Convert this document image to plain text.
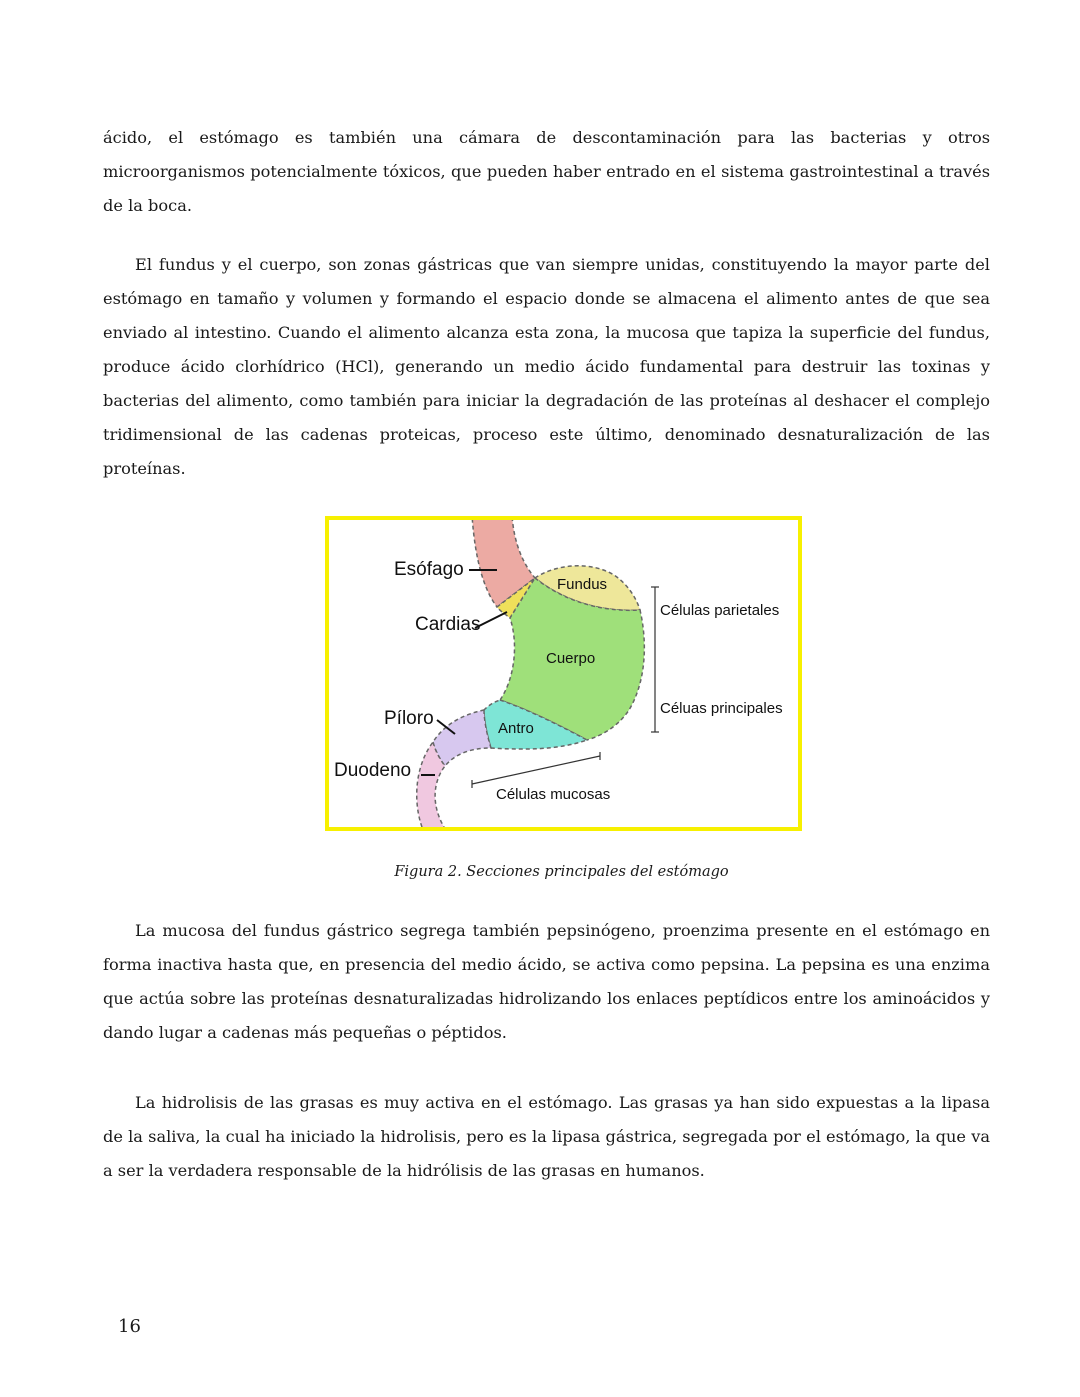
ácido, el estómago es también una cámara de descontaminación para las bacterias y otros microorganismos potencialmente tóxicos, que pueden haber entrado en el sistema gastrointestinal a través de la boca.

El fundus y el cuerpo, son zonas gástricas que van siempre unidas, constituyendo la mayor parte del estómago en tamaño y volumen y formando el espacio donde se almacena el alimento antes de que sea enviado al intestino. Cuando el alimento alcanza esta zona, la mucosa que tapiza la superficie del fundus, produce ácido clorhídrico (HCl), generando un medio ácido fundamental para destruir las toxinas y bacterias del alimento, como también para iniciar la degradación de las proteínas al deshacer el complejo tridimensional de las cadenas proteicas, proceso este último, denominado desnaturalización de las proteínas.

Esófago
Cardias
Fundus
Cuerpo
Píloro	Antro
Duodeno
Células parietales
Céluas principales
Células mucosas
Figura 2. Secciones principales del estómago

La mucosa del fundus gástrico segrega también pepsinógeno, proenzima presente en el estómago en forma inactiva hasta que, en presencia del medio ácido, se activa como pepsina. La pepsina es una enzima que actúa sobre las proteínas desnaturalizadas hidrolizando los enlaces peptídicos entre los aminoácidos y dando lugar a cadenas más pequeñas o péptidos.

La hidrolisis de las grasas es muy activa en el estómago. Las grasas ya han sido expuestas a la lipasa de la saliva, la cual ha iniciado la hidrolisis, pero es la lipasa gástrica, segregada por el estómago, la que va a ser la verdadera responsable de la hidrólisis de las grasas en humanos.

16
